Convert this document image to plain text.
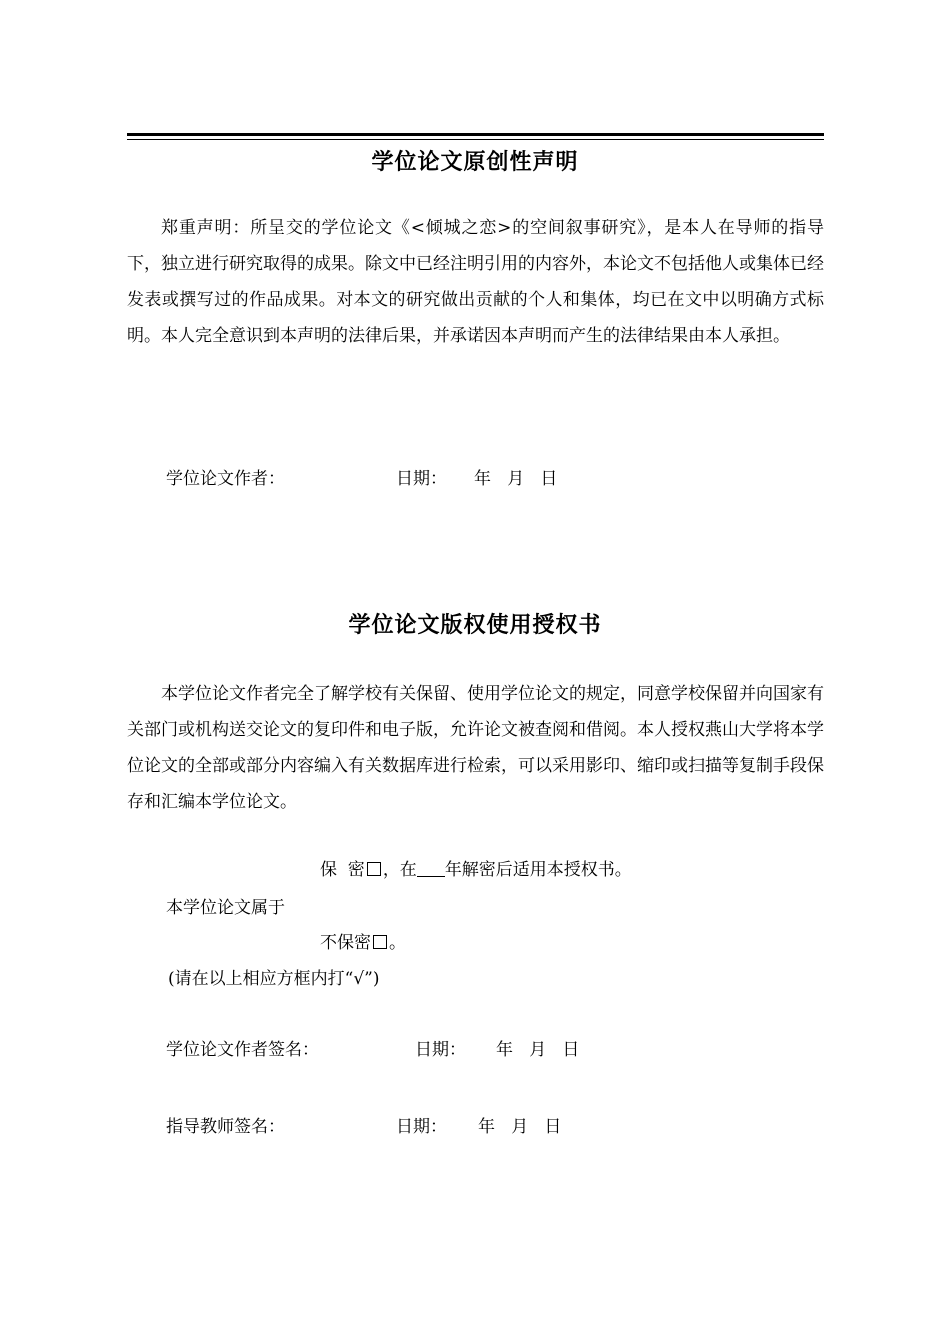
学位论文原创性声明
郑重声明：所呈交的学位论文《<倾城之恋>的空间叙事研究》，是本人在导师的指导下，独立进行研究取得的成果。除文中已经注明引用的内容外，本论文不包括他人或集体已经发表或撰写过的作品成果。对本文的研究做出贡献的个人和集体，均已在文中以明确方式标明。本人完全意识到本声明的法律后果，并承诺因本声明而产生的法律结果由本人承担。
学位论文作者：	日期： 年   月   日
学位论文版权使用授权书
本学位论文作者完全了解学校有关保留、使用学位论文的规定，同意学校保留并向国家有关部门或机构送交论文的复印件和电子版，允许论文被查阅和借阅。本人授权燕山大学将本学位论文的全部或部分内容编入有关数据库进行检索，可以采用影印、缩印或扫描等复制手段保存和汇编本学位论文。
保  密 ，在 年解密后适用本授权书。
本学位论文属于
不保密 。
(请在以上相应方框内打“√”)
学位论文作者签名：	日期： 年   月   日
指导教师签名：	日期： 年   月   日
